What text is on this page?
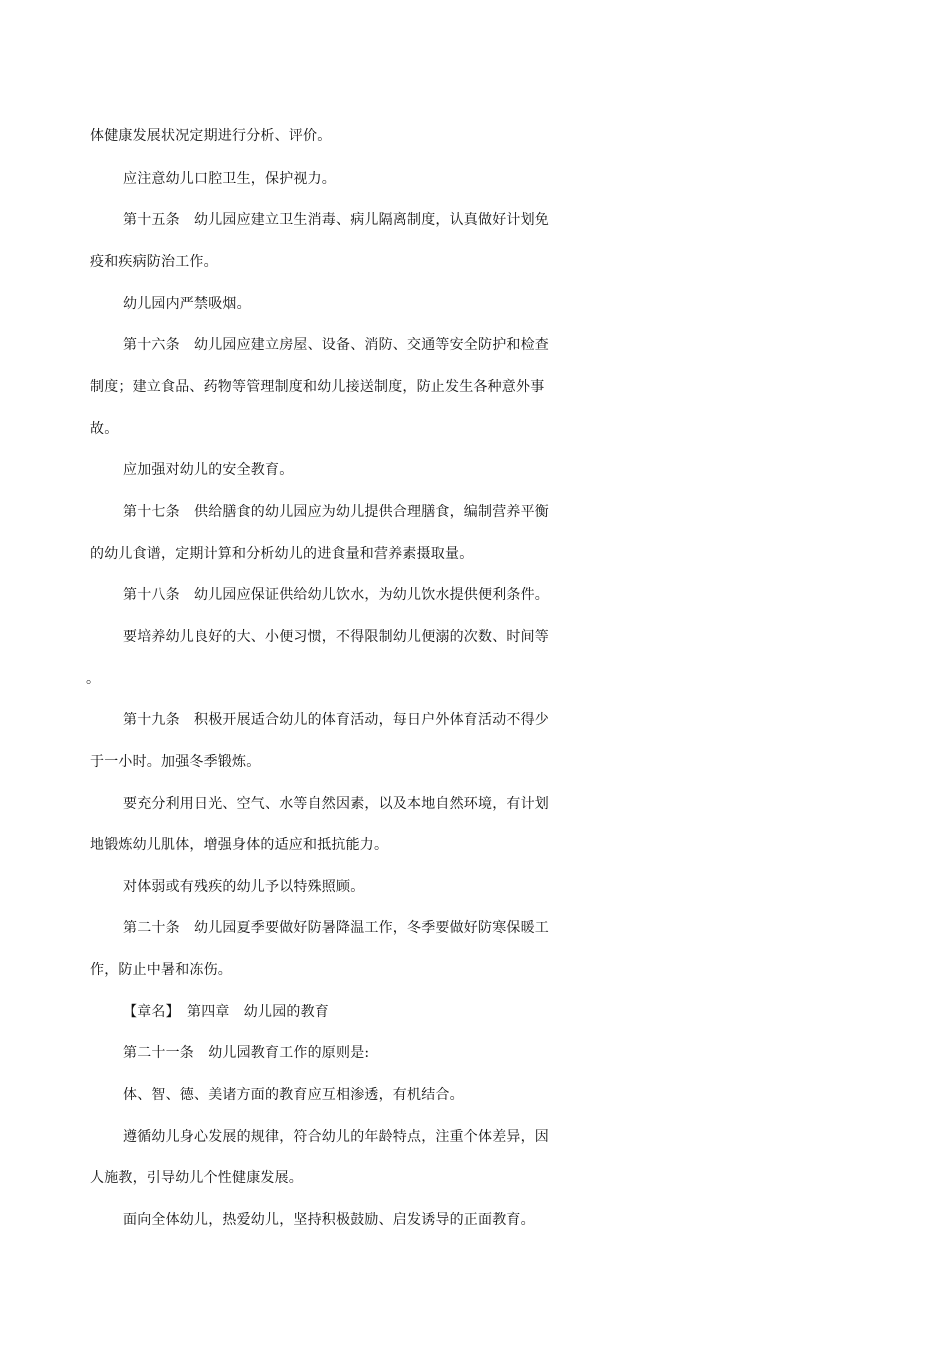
体健康发展状况定期进行分析、评价。
应注意幼儿口腔卫生，保护视力。
第十五条　幼儿园应建立卫生消毒、病儿隔离制度，认真做好计划免
疫和疾病防治工作。
幼儿园内严禁吸烟。
第十六条　幼儿园应建立房屋、设备、消防、交通等安全防护和检查
制度；建立食品、药物等管理制度和幼儿接送制度，防止发生各种意外事
故。
应加强对幼儿的安全教育。
第十七条　供给膳食的幼儿园应为幼儿提供合理膳食，编制营养平衡
的幼儿食谱，定期计算和分析幼儿的进食量和营养素摄取量。
第十八条　幼儿园应保证供给幼儿饮水，为幼儿饮水提供便利条件。
要培养幼儿良好的大、小便习惯，不得限制幼儿便溺的次数、时间等
。
第十九条　积极开展适合幼儿的体育活动，每日户外体育活动不得少
于一小时。加强冬季锻炼。
要充分利用日光、空气、水等自然因素，以及本地自然环境，有计划
地锻炼幼儿肌体，增强身体的适应和抵抗能力。
对体弱或有残疾的幼儿予以特殊照顾。
第二十条　幼儿园夏季要做好防暑降温工作，冬季要做好防寒保暖工
作，防止中暑和冻伤。
【章名】　第四章　幼儿园的教育
第二十一条　幼儿园教育工作的原则是:
体、智、德、美诸方面的教育应互相渗透，有机结合。
遵循幼儿身心发展的规律，符合幼儿的年龄特点，注重个体差异，因
人施教，引导幼儿个性健康发展。
面向全体幼儿，热爱幼儿，坚持积极鼓励、启发诱导的正面教育。
